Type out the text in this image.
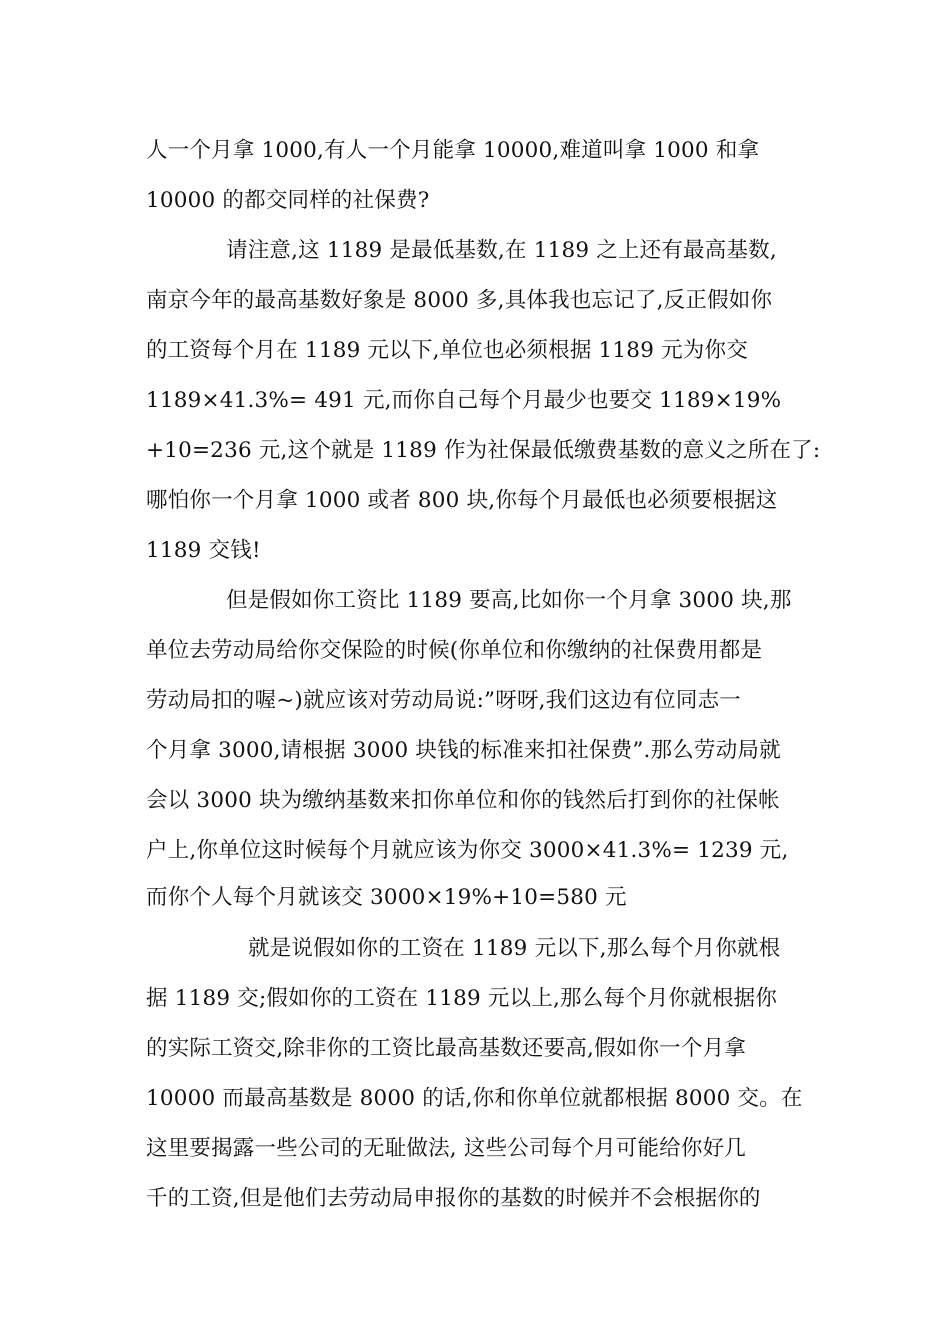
人一个月拿 1000,有人一个月能拿 10000,难道叫拿 1000 和拿
10000 的都交同样的社保费?
请注意,这 1189 是最低基数,在 1189 之上还有最高基数,
南京今年的最高基数好象是 8000 多,具体我也忘记了,反正假如你
的工资每个月在 1189 元以下,单位也必须根据 1189 元为你交
1189×41.3%= 491 元,而你自己每个月最少也要交 1189×19%
+10=236 元,这个就是 1189 作为社保最低缴费基数的意义之所在了:
哪怕你一个月拿 1000 或者 800 块,你每个月最低也必须要根据这
1189 交钱!
但是假如你工资比 1189 要高,比如你一个月拿 3000 块,那
单位去劳动局给你交保险的时候(你单位和你缴纳的社保费用都是
劳动局扣的喔~)就应该对劳动局说:”呀呀,我们这边有位同志一
个月拿 3000,请根据 3000 块钱的标准来扣社保费”.那么劳动局就
会以 3000 块为缴纳基数来扣你单位和你的钱然后打到你的社保帐
户上,你单位这时候每个月就应该为你交 3000×41.3%= 1239 元,
而你个人每个月就该交 3000×19%+10=580 元
就是说假如你的工资在 1189 元以下,那么每个月你就根
据 1189 交;假如你的工资在 1189 元以上,那么每个月你就根据你
的实际工资交,除非你的工资比最高基数还要高,假如你一个月拿
10000 而最高基数是 8000 的话,你和你单位就都根据 8000 交。在
这里要揭露一些公司的无耻做法, 这些公司每个月可能给你好几
千的工资,但是他们去劳动局申报你的基数的时候并不会根据你的
